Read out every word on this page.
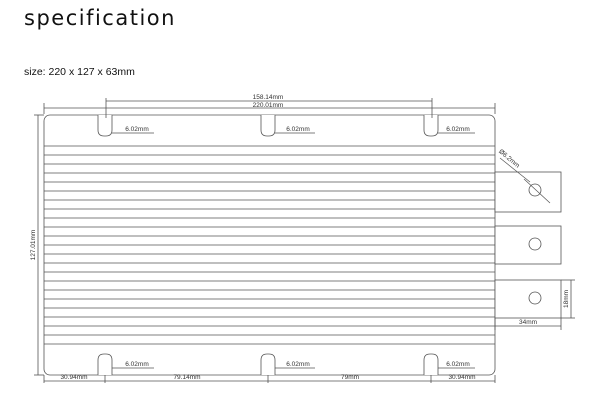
specification
size: 220 x 127 x 63mm
158.14mm
220.01mm
6.02mm	6.02mm	6.02mm
6.02mm	6.02mm	6.02mm
30.94mm	79.14mm	79mm	30.94mm
34mm
127.01mm
18mm
Ø6.2mm
